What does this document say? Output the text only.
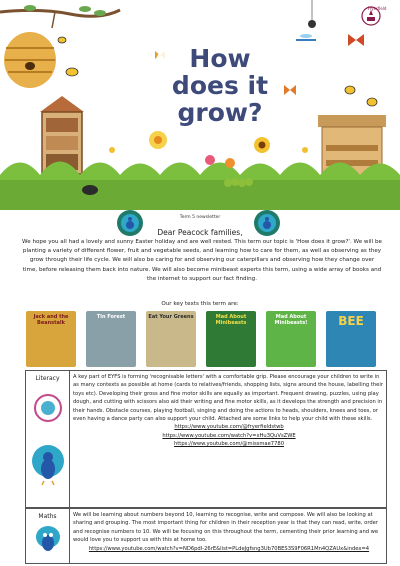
How
does it
grow?
Fryerfield
Term 5 newsletter
Dear Peacock families,

We hope you all had a lovely and sunny Easter holiday and are well rested. This term our topic is 'How does it grow?'. We will be planting a variety of different flower, fruit and vegetable seeds, and learning how to care for them, as well as observing as they grow through their life cycle. We will also be caring for and observing our caterpillars and observing how they change over time, before releasing them back into nature. We will also become minibeast experts this term, using a wide array of books and the internet to support our fact finding.

Our key texts this term are:
Jack and the Beanstalk
Tin Forest	Eat Your Greens	Mad About Minibeasts
Mad About Minibeasts!	BEE
Literacy	A key part of EYFS is forming 'recognisable letters' with a comfortable grip. Please encourage your children to write in as many contexts as possible at home (cards to relatives/friends, shopping lists, signs around the house, labelling their toys etc). Developing their gross and fine motor skills are equally as important. Frequent drawing, puzzles, using play dough, and cutting with scissors also aid their writing and fine motor skills, as it develops the strength and precision in their hands. Obstacle courses, playing football, singing and doing the actions to heads, shoulders, knees and toes, or even having a dance party can also support your child. Attached are some links to help your child with these skills.
https://www.youtube.com/@fryerfieldstwb
https://www.youtube.com/watch?v=xHu3QuVsZWE
https://www.youtube.com/@missmae7780
Maths	We will be learning about numbers beyond 10, learning to recognise, write and compose. We will also be looking at sharing and grouping. The most important thing for children in their reception year is that they can read, write, order and recognise numbers to 10. We will be focusing on this throughout the term, cementing their prior learning and we would love you to support us with this at home too.
https://www.youtube.com/watch?v=ND6pdI-26rE&list=PLdeJgfsng3Ub70BES3S9F06R1Mn4QZAUx&index=4
